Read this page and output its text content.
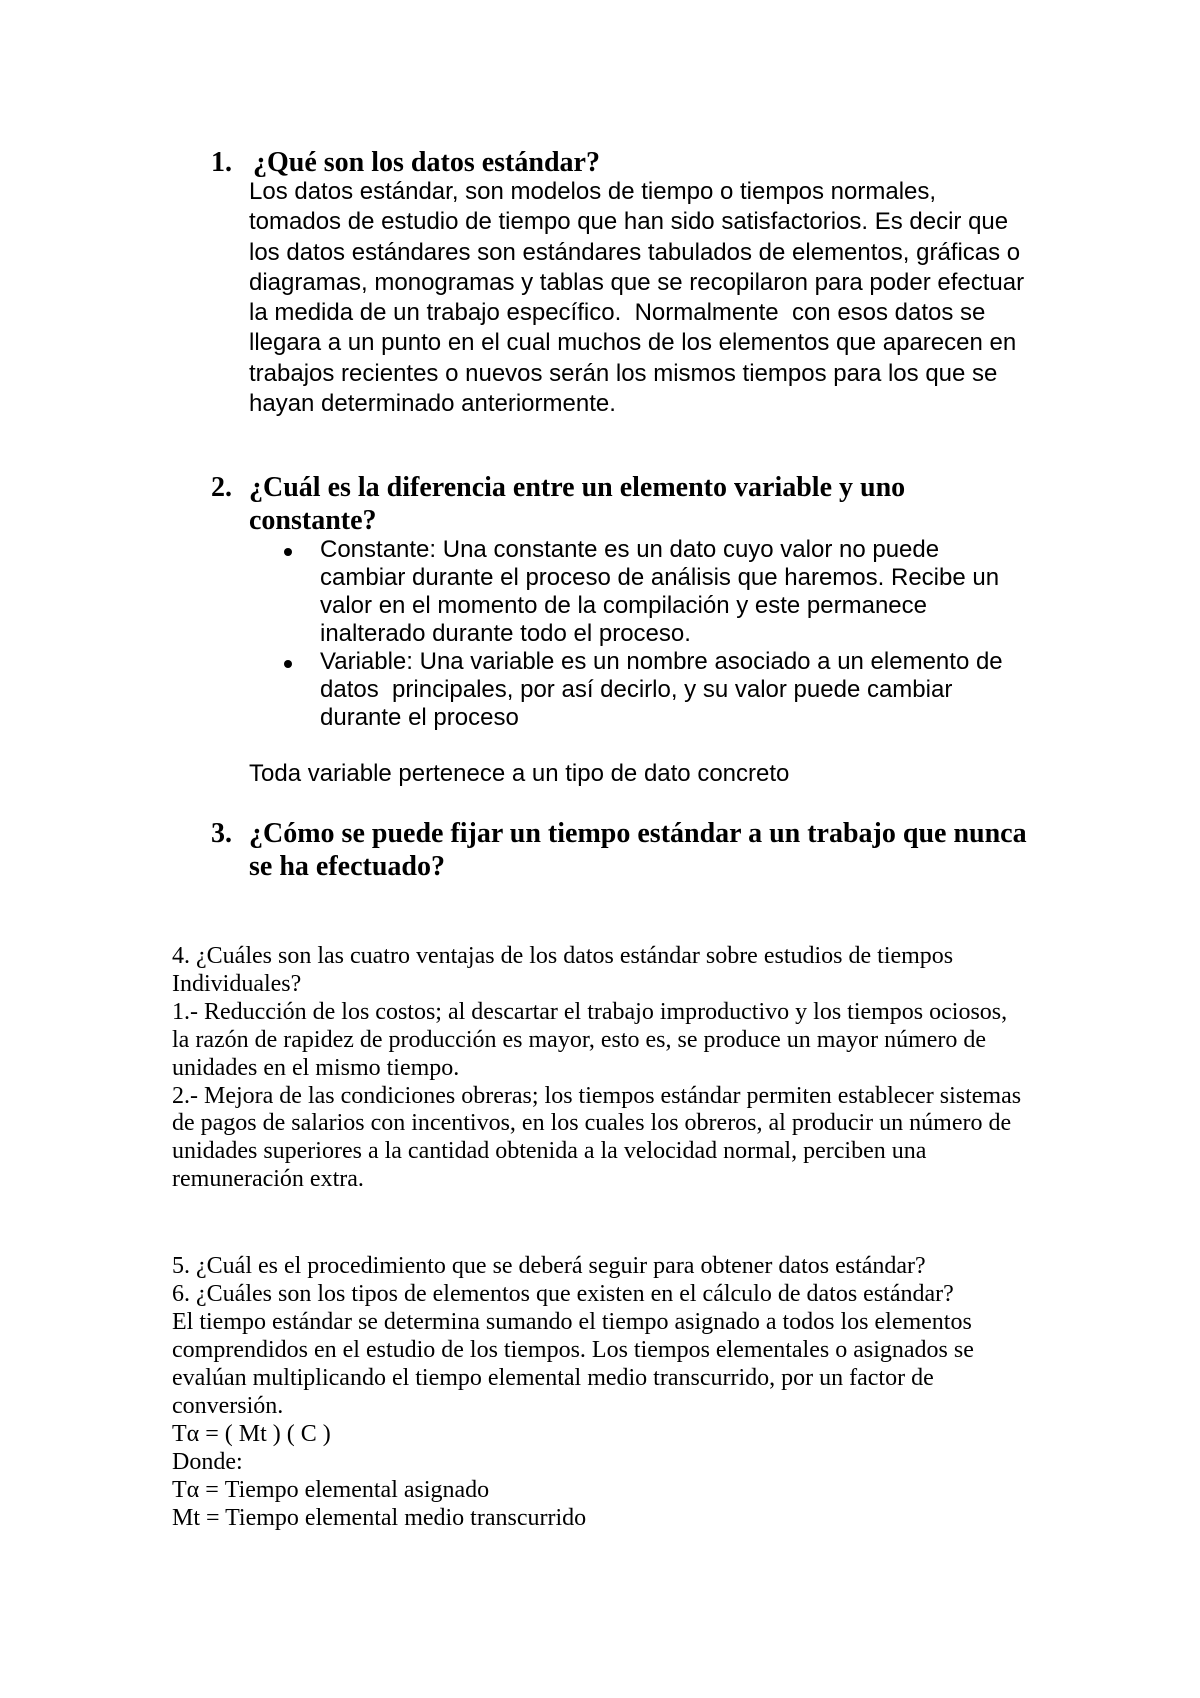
1. ¿Qué son los datos estándar?
Los datos estándar, son modelos de tiempo o tiempos normales,
tomados de estudio de tiempo que han sido satisfactorios. Es decir que
los datos estándares son estándares tabulados de elementos, gráficas o
diagramas, monogramas y tablas que se recopilaron para poder efectuar
la medida de un trabajo específico.  Normalmente  con esos datos se
llegara a un punto en el cual muchos de los elementos que aparecen en
trabajos recientes o nuevos serán los mismos tiempos para los que se
hayan determinado anteriormente.
2. ¿Cuál es la diferencia entre un elemento variable y uno
constante?
Constante: Una constante es un dato cuyo valor no puede
cambiar durante el proceso de análisis que haremos. Recibe un
valor en el momento de la compilación y este permanece
inalterado durante todo el proceso.
Variable: Una variable es un nombre asociado a un elemento de
datos  principales, por así decirlo, y su valor puede cambiar
durante el proceso
Toda variable pertenece a un tipo de dato concreto
3. ¿Cómo se puede fijar un tiempo estándar a un trabajo que nunca
se ha efectuado?
4. ¿Cuáles son las cuatro ventajas de los datos estándar sobre estudios de tiempos
Individuales?
1.- Reducción de los costos; al descartar el trabajo improductivo y los tiempos ociosos,
la razón de rapidez de producción es mayor, esto es, se produce un mayor número de
unidades en el mismo tiempo.
2.- Mejora de las condiciones obreras; los tiempos estándar permiten establecer sistemas
de pagos de salarios con incentivos, en los cuales los obreros, al producir un número de
unidades superiores a la cantidad obtenida a la velocidad normal, perciben una
remuneración extra.
5. ¿Cuál es el procedimiento que se deberá seguir para obtener datos estándar?
6. ¿Cuáles son los tipos de elementos que existen en el cálculo de datos estándar?
El tiempo estándar se determina sumando el tiempo asignado a todos los elementos
comprendidos en el estudio de los tiempos. Los tiempos elementales o asignados se
evalúan multiplicando el tiempo elemental medio transcurrido, por un factor de
conversión.
Tα = ( Mt ) ( C )
Donde:
Tα = Tiempo elemental asignado
Mt = Tiempo elemental medio transcurrido
